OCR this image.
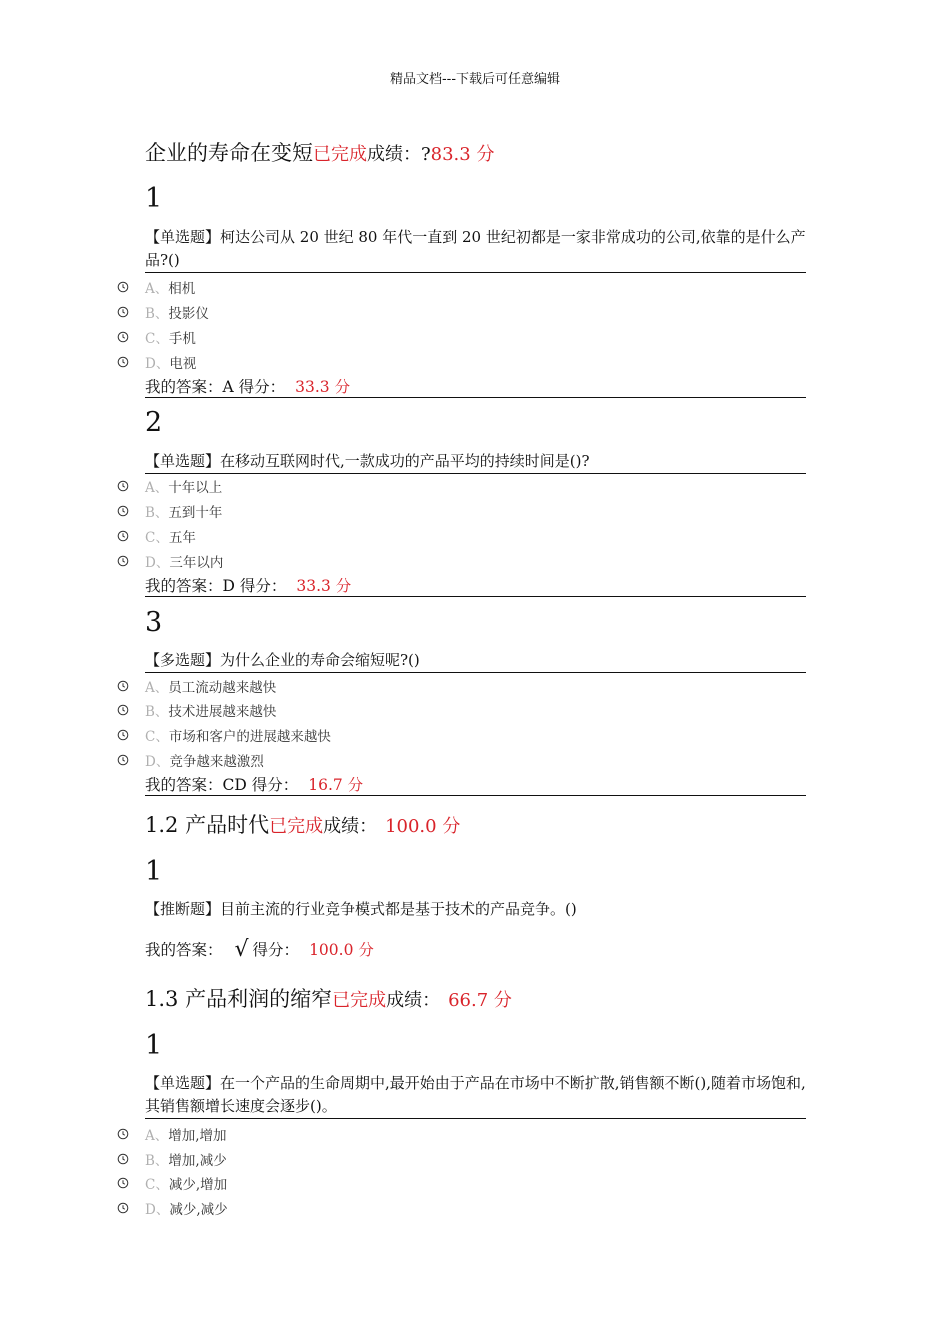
精品文档---下载后可任意编辑
企业的寿命在变短已完成成绩：?83.3 分
1
【单选题】柯达公司从 20 世纪 80 年代一直到 20 世纪初都是一家非常成功的公司,依靠的是什么产品?()
A、 相机
B、 投影仪
C、 手机
D、 电视
我的答案：A 得分： 33.3 分
2
【单选题】在移动互联网时代,一款成功的产品平均的持续时间是()?
A、 十年以上
B、 五到十年
C、 五年
D、 三年以内
我的答案：D 得分： 33.3 分
3
【多选题】为什么企业的寿命会缩短呢?()
A、 员工流动越来越快
B、 技术进展越来越快
C、 市场和客户的进展越来越快
D、 竞争越来越激烈
我的答案：CD 得分： 16.7 分
1.2 产品时代已完成成绩： 100.0 分
1
【推断题】目前主流的行业竞争模式都是基于技术的产品竞争。()
我的答案： √ 得分： 100.0 分
1.3 产品利润的缩窄已完成成绩： 66.7 分
1
【单选题】在一个产品的生命周期中,最开始由于产品在市场中不断扩散,销售额不断(),随着市场饱和,其销售额增长速度会逐步()。
A、 增加,增加
B、 增加,减少
C、 减少,增加
D、 减少,减少
